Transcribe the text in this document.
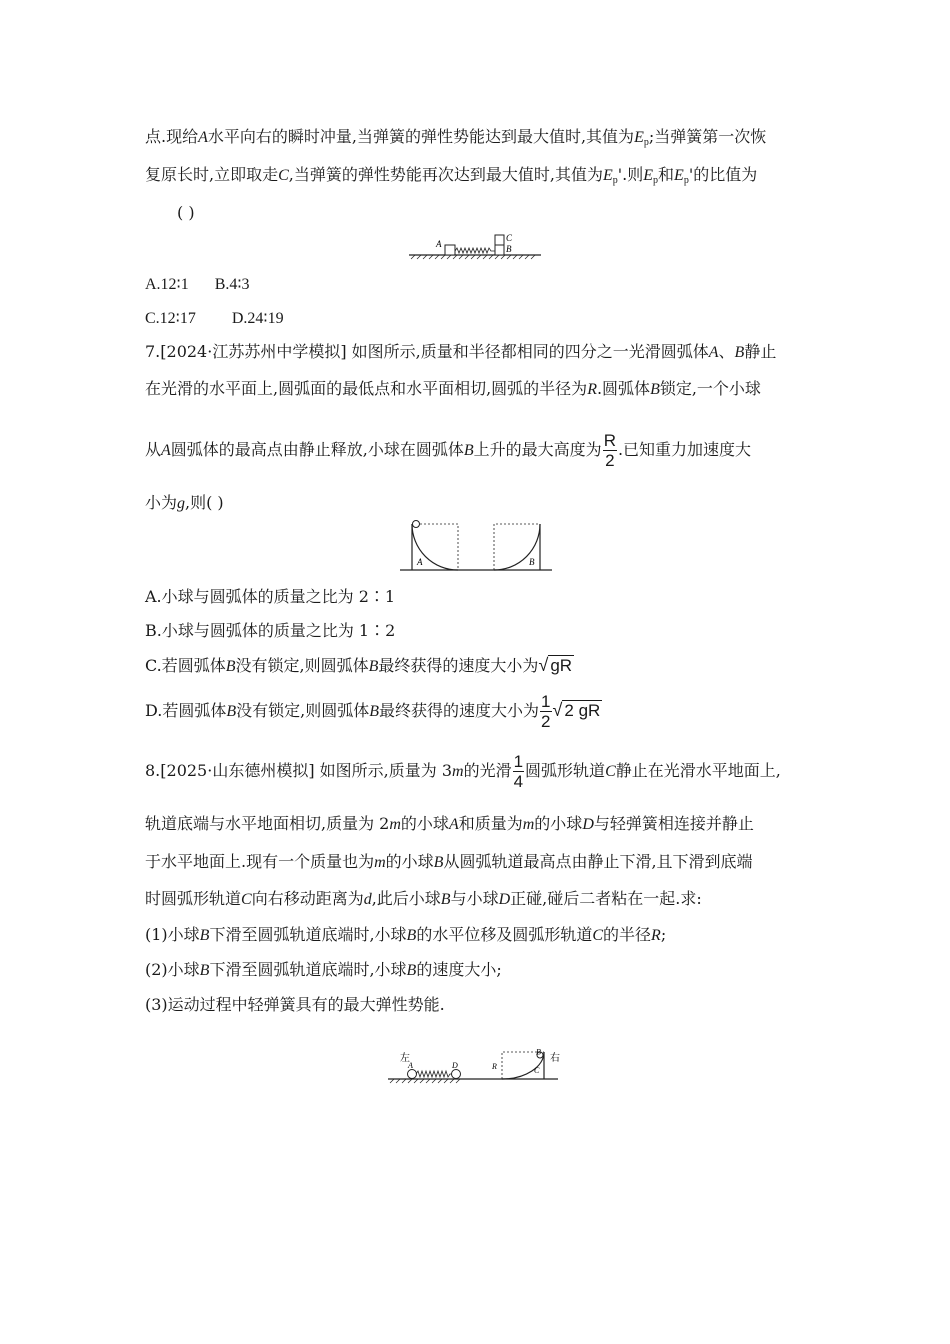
点.现给A水平向右的瞬时冲量,当弹簧的弹性势能达到最大值时,其值为$E_p$;当弹簧第一次恢
复原长时,立即取走C,当弹簧的弹性势能再次达到最大值时,其值为$E_p'$.则$E_p$和$E_p'$的比值为
( )
A
C
B
A.12∶1 B.4∶3
C.12∶17 D.24∶19
7.[2024·江苏苏州中学模拟] 如图所示,质量和半径都相同的四分之一光滑圆弧体A、B静止
在光滑的水平面上,圆弧面的最低点和水平面相切,圆弧的半径为R.圆弧体B锁定,一个小球
从A圆弧体的最高点由静止释放,小球在圆弧体B上升的最大高度为 $\frac{R}{2}$ .已知重力加速度大
小为g,则( )
A	B
A.小球与圆弧体的质量之比为 2∶1
B.小球与圆弧体的质量之比为 1∶2
C.若圆弧体B没有锁定,则圆弧体B最终获得的速度大小为√ gR
D.若圆弧体B没有锁定,则圆弧体B最终获得的速度大小为 $\frac{1}{2}$ √ 2 gR
8.[2025·山东德州模拟] 如图所示,质量为 3m的光滑 $\frac{1}{4}$ 圆弧形轨道C静止在光滑水平地面上,
轨道底端与水平地面相切,质量为 2m的小球A和质量为m的小球D与轻弹簧相连接并静止
于水平地面上.现有一个质量也为m的小球B从圆弧轨道最高点由静止下滑,且下滑到底端
时圆弧形轨道C向右移动距离为d,此后小球B与小球D正碰,碰后二者粘在一起.求:
(1)小球B下滑至圆弧轨道底端时,小球B的水平位移及圆弧形轨道C的半径R;
(2)小球B下滑至圆弧轨道底端时,小球B的速度大小;
(3)运动过程中轻弹簧具有的最大弹性势能.
左	右
A	D	R
B
C
